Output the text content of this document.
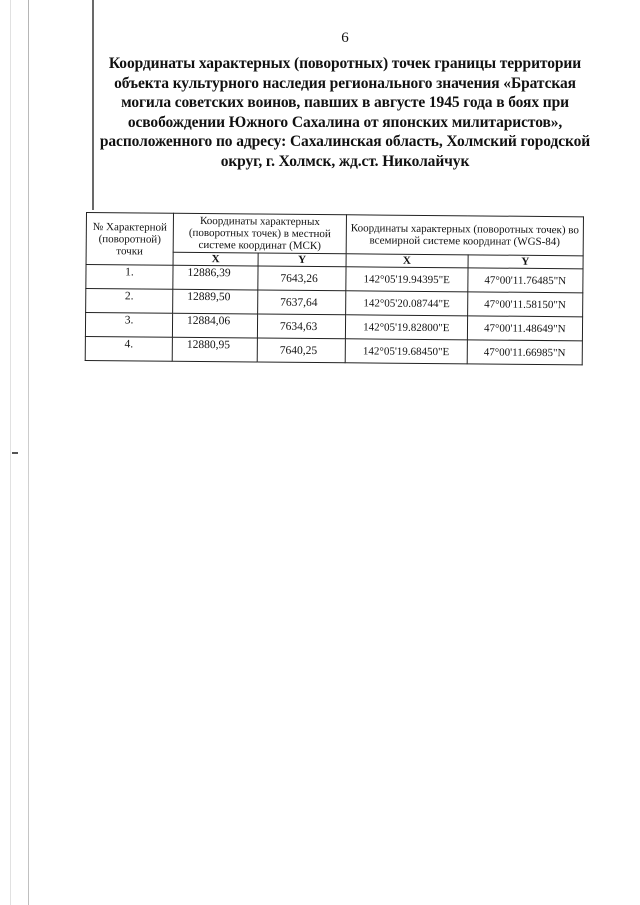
6
Координаты характерных (поворотных) точек границы территории
объекта культурного наследия регионального значения «Братская
могила советских воинов, павших в августе 1945 года в боях при
освобождении Южного Сахалина от японских милитаристов»,
расположенного по адресу: Сахалинская область, Холмский городской
округ, г. Холмск, жд.ст. Николайчук
№ Характерной (поворотной) точки	Координаты характерных (поворотных точек) в местной системе координат (МСК)		Координаты характерных (поворотных точек) во всемирной системе координат (WGS-84)	
	X	Y	X	Y
1.	12886,39	7643,26	142°05'19.94395"E	47°00'11.76485"N
2.	12889,50	7637,64	142°05'20.08744"E	47°00'11.58150"N
3.	12884,06	7634,63	142°05'19.82800"E	47°00'11.48649"N
4.	12880,95	7640,25	142°05'19.68450"E	47°00'11.66985"N
